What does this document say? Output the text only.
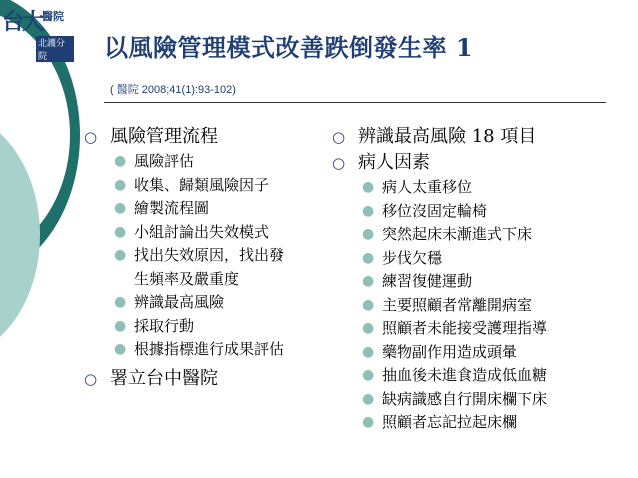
台大 醫院
北護分院	以風險管理模式改善跌倒發生率 1
( 醫院 2008;41(1):93-102)
○ 風險管理流程
● 風險評估
● 收集、歸類風險因子
● 繪製流程圖
● 小組討論出失效模式
● 找出失效原因，找出發
生頻率及嚴重度
● 辨識最高風險
● 採取行動
● 根據指標進行成果評估
○ 署立台中醫院
○ 辨識最高風險 18 項目
○ 病人因素
● 病人太重移位
● 移位沒固定輪椅
● 突然起床未漸進式下床
● 步伐欠穩
● 練習復健運動
● 主要照顧者常離開病室
● 照顧者未能接受護理指導
● 藥物副作用造成頭暈
● 抽血後未進食造成低血糖
● 缺病識感自行開床欄下床
● 照顧者忘記拉起床欄
